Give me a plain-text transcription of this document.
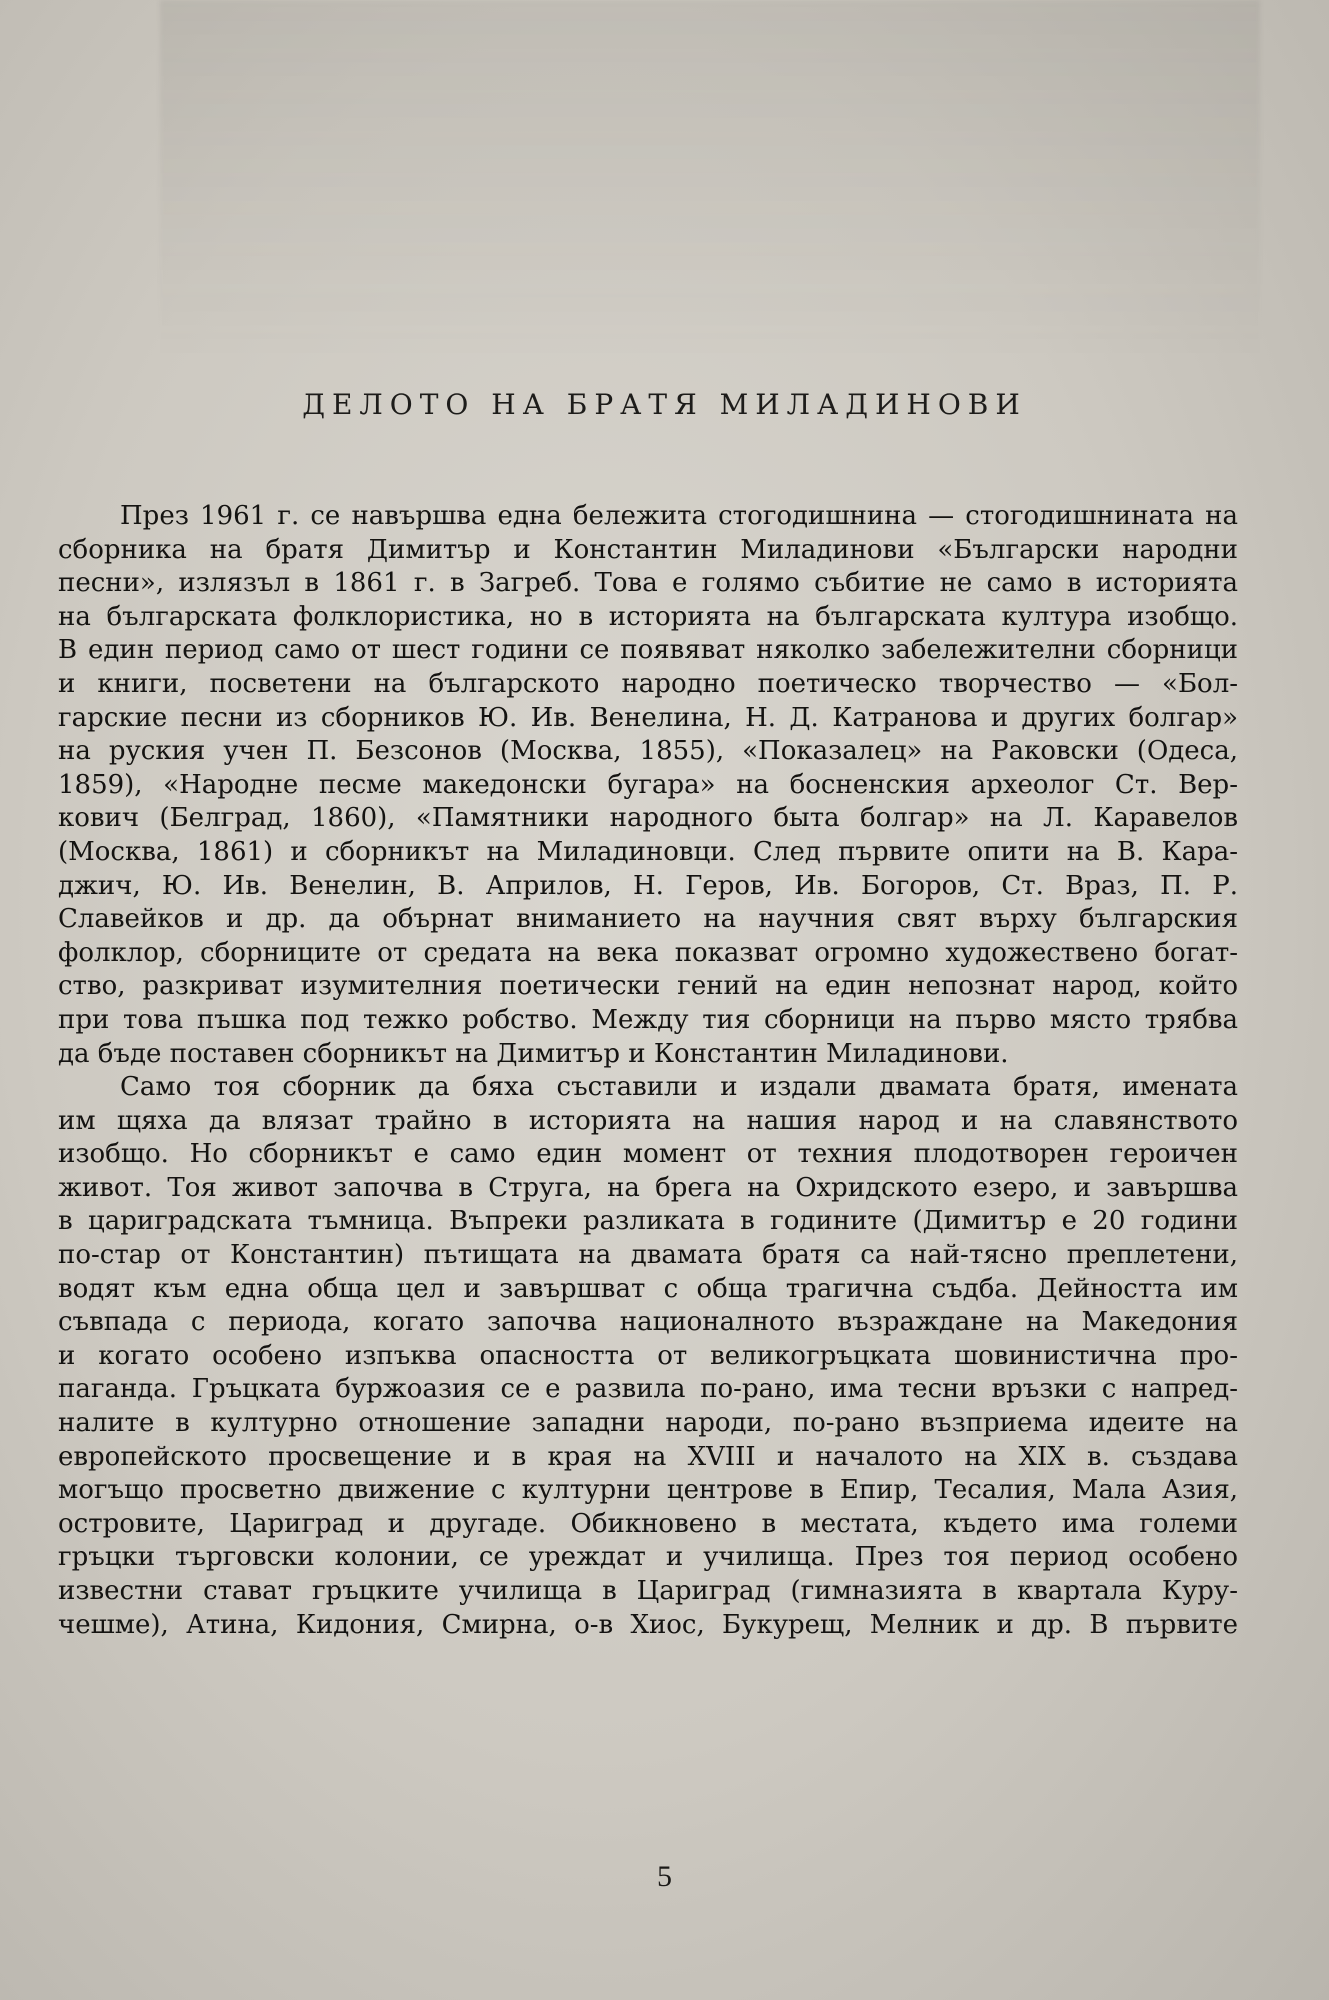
ДЕЛОТО НА БРАТЯ МИЛАДИНОВИ
През 1961 г. се навършва една бележита стогодишнина — стогодишнината на
сборника на братя Димитър и Константин Миладинови «Български народни
песни», излязъл в 1861 г. в Загреб. Това е голямо събитие не само в историята
на българската фолклористика, но в историята на българската култура изобщо.
В един период само от шест години се появяват няколко забележителни сборници
и книги, посветени на българското народно поетическо творчество — «Бол-
гарские песни из сборников Ю. Ив. Венелина, Н. Д. Катранова и других болгар»
на руския учен П. Безсонов (Москва, 1855), «Показалец» на Раковски (Одеса,
1859), «Народне песме македонски бугара» на босненския археолог Ст. Вер-
кович (Белград, 1860), «Памятники народного быта болгар» на Л. Каравелов
(Москва, 1861) и сборникът на Миладиновци. След първите опити на В. Кара-
джич, Ю. Ив. Венелин, В. Априлов, Н. Геров, Ив. Богоров, Ст. Враз, П. Р.
Славейков и др. да обърнат вниманието на научния свят върху българския
фолклор, сборниците от средата на века показват огромно художествено богат-
ство, разкриват изумителния поетически гений на един непознат народ, който
при това пъшка под тежко робство. Между тия сборници на първо място трябва
да бъде поставен сборникът на Димитър и Константин Миладинови.
Само тоя сборник да бяха съставили и издали двамата братя, имената
им щяха да влязат трайно в историята на нашия народ и на славянството
изобщо. Но сборникът е само един момент от техния плодотворен героичен
живот. Тоя живот започва в Струга, на брега на Охридското езеро, и завършва
в цариградската тъмница. Въпреки разликата в годините (Димитър е 20 години
по-стар от Константин) пътищата на двамата братя са най-тясно преплетени,
водят към една обща цел и завършват с обща трагична съдба. Дейността им
съвпада с периода, когато започва националното възраждане на Македония
и когато особено изпъква опасността от великогръцката шовинистична про-
паганда. Гръцката буржоазия се е развила по-рано, има тесни връзки с напред-
налите в културно отношение западни народи, по-рано възприема идеите на
европейското просвещение и в края на XVIII и началото на XIX в. създава
могъщо просветно движение с културни центрове в Епир, Тесалия, Мала Азия,
островите, Цариград и другаде. Обикновено в местата, където има големи
гръцки търговски колонии, се уреждат и училища. През тоя период особено
известни стават гръцките училища в Цариград (гимназията в квартала Куру-
чешме), Атина, Кидония, Смирна, о-в Хиос, Букурещ, Мелник и др. В първите
5
